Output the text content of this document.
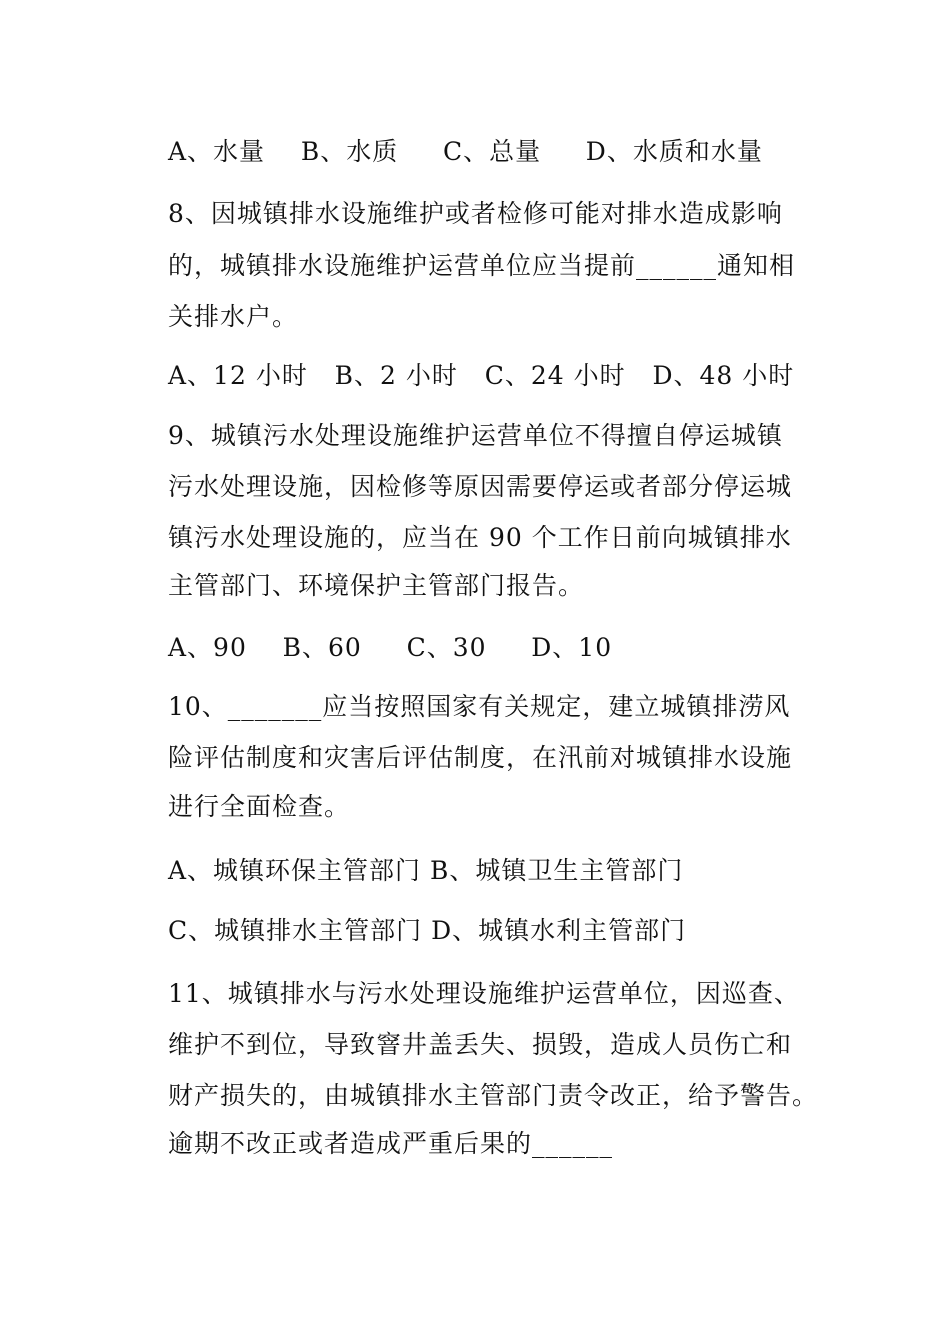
A、水量    B、水质     C、总量     D、水质和水量
8、因城镇排水设施维护或者检修可能对排水造成影响
的，城镇排水设施维护运营单位应当提前______通知相
关排水户。
A、12 小时   B、2 小时   C、24 小时   D、48 小时
9、城镇污水处理设施维护运营单位不得擅自停运城镇
污水处理设施，因检修等原因需要停运或者部分停运城
镇污水处理设施的，应当在 90 个工作日前向城镇排水
主管部门、环境保护主管部门报告。
A、90    B、60     C、30     D、10
10、_______应当按照国家有关规定，建立城镇排涝风
险评估制度和灾害后评估制度，在汛前对城镇排水设施
进行全面检查。
A、城镇环保主管部门 B、城镇卫生主管部门
C、城镇排水主管部门 D、城镇水利主管部门
11、城镇排水与污水处理设施维护运营单位，因巡查、
维护不到位，导致窨井盖丢失、损毁，造成人员伤亡和
财产损失的，由城镇排水主管部门责令改正，给予警告。
逾期不改正或者造成严重后果的______
